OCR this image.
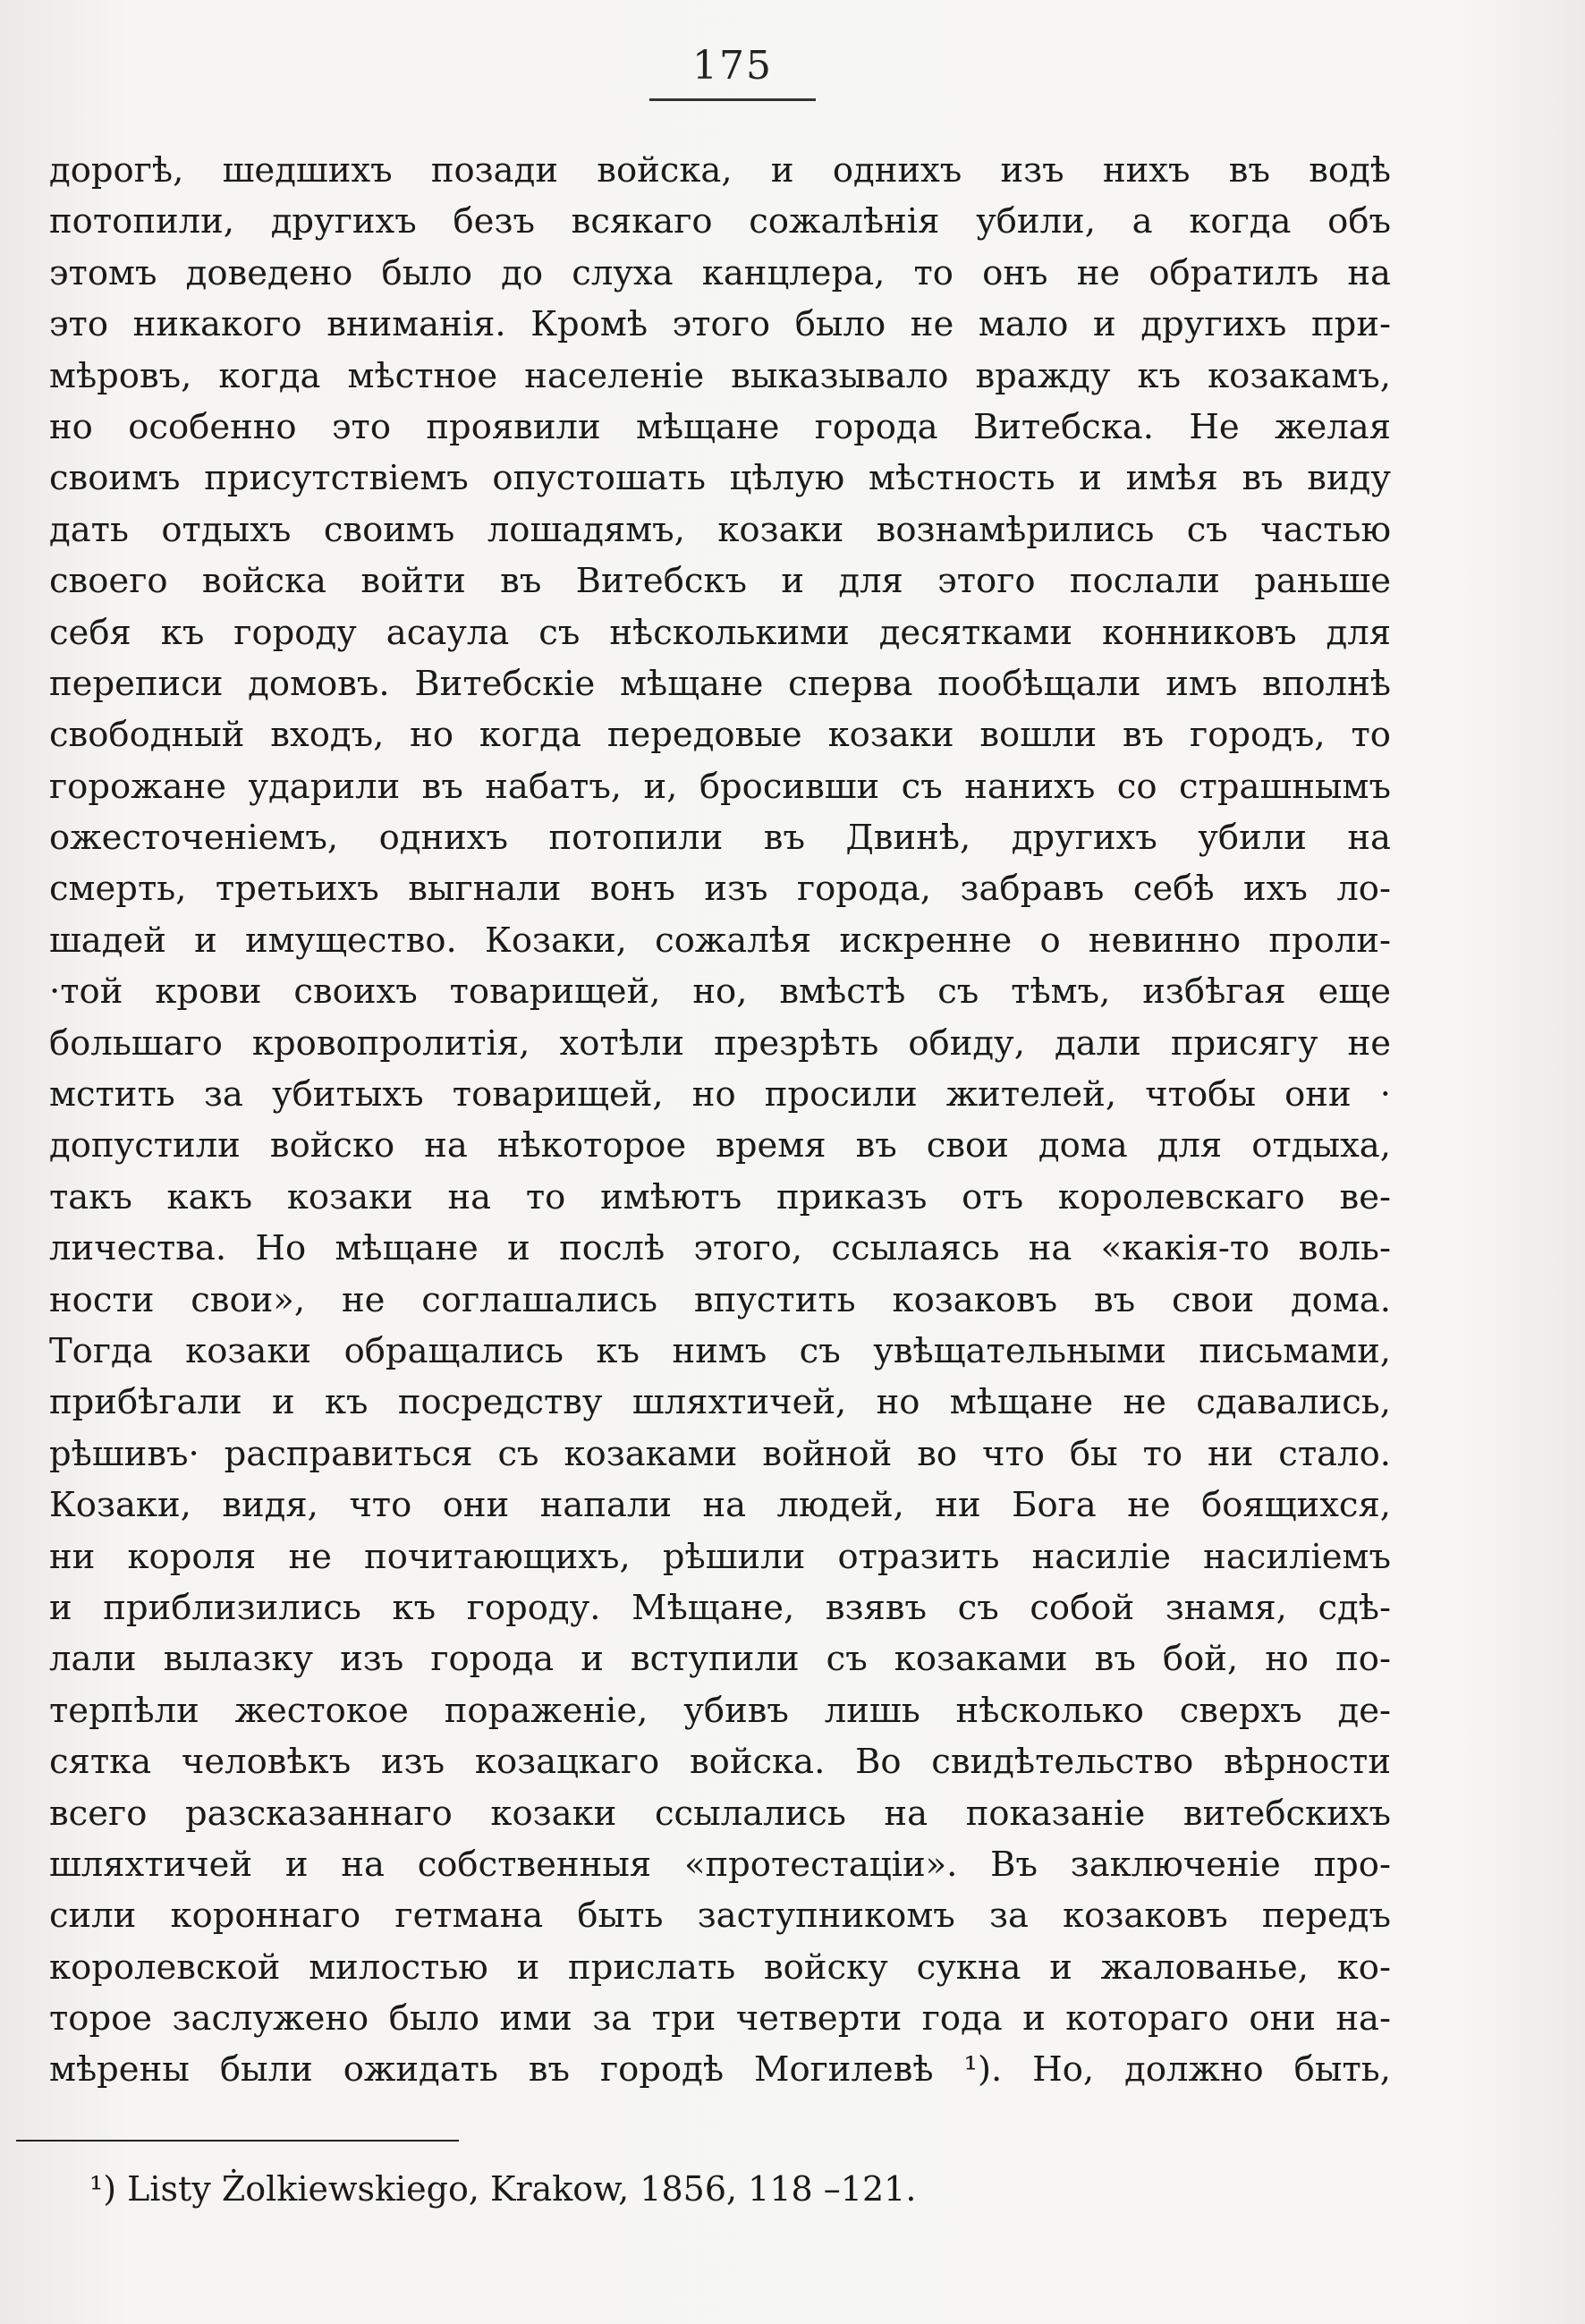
175
дорогѣ, шедшихъ позади войска, и однихъ изъ нихъ въ водѣ
потопили, другихъ безъ всякаго сожалѣнія убили, а когда объ
этомъ доведено было до слуха канцлера, то онъ не обратилъ на
это никакого вниманія. Кромѣ этого было не мало и другихъ при-
мѣровъ, когда мѣстное населеніе выказывало вражду къ козакамъ,
но особенно это проявили мѣщане города Витебска. Не желая
своимъ присутствіемъ опустошать цѣлую мѣстность и имѣя въ виду
дать отдыхъ своимъ лошадямъ, козаки вознамѣрились съ частью
своего войска войти въ Витебскъ и для этого послали раньше
себя къ городу асаула съ нѣсколькими десятками конниковъ для
переписи домовъ. Витебскіе мѣщане сперва пообѣщали имъ вполнѣ
свободный входъ, но когда передовые козаки вошли въ городъ, то
горожане ударили въ набатъ, и, бросивши съ нанихъ со страшнымъ
ожесточеніемъ, однихъ потопили въ Двинѣ, другихъ убили на
смерть, третьихъ выгнали вонъ изъ города, забравъ себѣ ихъ ло-
шадей и имущество. Козаки, сожалѣя искренне о невинно проли-
·той крови своихъ товарищей, но, вмѣстѣ съ тѣмъ, избѣгая еще
большаго кровопролитія, хотѣли презрѣть обиду, дали присягу не
мстить за убитыхъ товарищей, но просили жителей, чтобы они ·
допустили войско на нѣкоторое время въ свои дома для отдыха,
такъ какъ козаки на то имѣютъ приказъ отъ королевскаго ве-
личества. Но мѣщане и послѣ этого, ссылаясь на «какія-то воль-
ности свои», не соглашались впустить козаковъ въ свои дома.
Тогда козаки обращались къ нимъ съ увѣщательными письмами,
прибѣгали и къ посредству шляхтичей, но мѣщане не сдавались,
рѣшивъ· расправиться съ козаками войной во что бы то ни стало.
Козаки, видя, что они напали на людей, ни Бога не боящихся,
ни короля не почитающихъ, рѣшили отразить насиліе насиліемъ
и приблизились къ городу. Мѣщане, взявъ съ собой знамя, сдѣ-
лали вылазку изъ города и вступили съ козаками въ бой, но по-
терпѣли жестокое пораженіе, убивъ лишь нѣсколько сверхъ де-
сятка человѣкъ изъ козацкаго войска. Во свидѣтельство вѣрности
всего разсказаннаго козаки ссылались на показаніе витебскихъ
шляхтичей и на собственныя «протестаціи». Въ заключеніе про-
сили короннаго гетмана быть заступникомъ за козаковъ передъ
королевской милостью и прислать войску сукна и жалованье, ко-
торое заслужено было ими за три четверти года и котораго они на-
мѣрены были ожидать въ городѣ Могилевѣ ¹). Но, должно быть,
¹) Listy Żolkiewskiego, Krakow, 1856, 118 –121.
